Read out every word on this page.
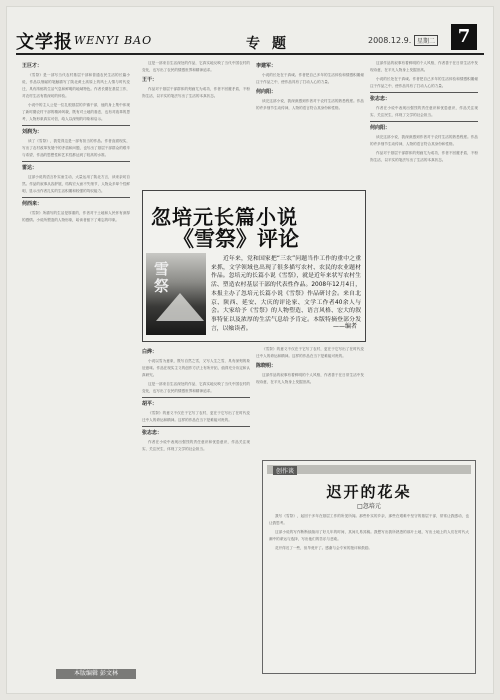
文学报 WENYI BAO	专题	2008.12.9. 星期二	7
王巨才：

《雪祭》是一部写当代农村基层干部和普通农民生活的长篇小说，作品以细腻的笔触描写了陕北黄土高原上的风土人情与时代变迁，具有浓郁的生活气息和鲜明的地域特色。作者长期在基层工作，对农村生活有着深切的体验。

小说中的主人公是一位扎根基层的乡镇干部，他的身上集中体现了新时期农村干部的精神风貌，既有对土地的眷恋，也有对改革的思考，人物形象真实可信，给人以深刻的印象和启示。

刘润为：

读了《雪祭》，我觉得这是一部有担当的作品。作者直面现实，写出了农村改革发展中的矛盾和问题，也写出了基层干部群众的艰辛与希望，作品的思想性和艺术性都达到了较高的水准。

雷达：

这部小说的语言朴实而生动，大量运用了陕北方言，读来亲切自然。作品的叙事从容舒展，结构宏大而不失细节，人物众多却个性鲜明，显示出作者扎实的生活积累和较强的驾驭能力。

何西来：

《雪祭》所描写的生活是厚重的，作者对于土地和人民怀有深厚的感情。小说所塑造的人物形象，给读者留下了难忘的印象。

这是一部来自生活深处的作品，它真实地反映了当代中国农村的变化，也写出了农民的情感世界和精神追求。

王干：

作品对于基层干部群体的刻画尤为成功，作者不回避矛盾，不粉饰生活，以平实的笔法写出了生活的本真状态。

李建军：

小说的长处在于真诚。作者把自己多年的生活体验和情感积累倾注于作品之中，使作品具有了打动人心的力量。

何向阳：

读完这部小说，我深深感到作者对于农村生活的熟悉程度。作品的许多细节生动传神，人物的语言符合其身份和性格。

忽培元长篇小说
《雪祭》评论
雪祭
近年来，党和国家把“三农”问题当作工作的重中之重来抓，文学领域也出现了很多描写农村、农民的农业题材作品。忽培元的长篇小说《雪祭》，就是近年来状写农村生活、塑造农村基层干部的代表性作品。2008年12月4日，本报主办了忽培元长篇小说《雪祭》作品研讨会。来自北京、陕西、延安、大庆的评论家、文学工作者40余人与会。大家给予《雪祭》的人物塑造、语言风格、宏大的叙事特征以及浓厚的生活气息给予肯定。本版特摘登部分发言，以飨读者。	——编者
白烨：

小说以雪为意象，既写自然之雪，又写人生之雪，具有深刻的象征意味。作品在现实主义的创作方法上有所开拓，值得充分肯定和认真研究。

这是一部来自生活深处的作品，它真实地反映了当代中国农村的变化，也写出了农民的情感世界和精神追求。

胡平：

《雪祭》的意义不仅在于它写了农村，更在于它写出了在时代变迁中人的命运和精神。这样的作品在当下是难能可贵的。

张志忠：

作者在小说中表现出强烈的责任意识和忧患意识，作品关注现实、关注民生，体现了文学的社会担当。

《雪祭》的意义不仅在于它写了农村，更在于它写出了在时代变迁中人的命运和精神。这样的作品在当下是难能可贵的。

陈晓明：

这部作品的叙事有着鲜明的个人风格，作者善于在日常生活中发现诗意，在平凡人物身上发掘崇高。

这部作品的叙事有着鲜明的个人风格，作者善于在日常生活中发现诗意，在平凡人物身上发掘崇高。

小说的长处在于真诚。作者把自己多年的生活体验和情感积累倾注于作品之中，使作品具有了打动人心的力量。

张志忠：

作者在小说中表现出强烈的责任意识和忧患意识，作品关注现实、关注民生，体现了文学的社会担当。

何向阳：

读完这部小说，我深深感到作者对于农村生活的熟悉程度。作品的许多细节生动传神，人物的语言符合其身份和性格。

作品对于基层干部群体的刻画尤为成功，作者不回避矛盾，不粉饰生活，以平实的笔法写出了生活的本真状态。

创作谈
迟开的花朵
□忽培元

我写《雪祭》，起因于多年在基层工作的所见所闻。那些朴实的乡亲，那些在艰难中坚守的基层干部，常常让我感动，也让我思考。

这部小说的写作断断续续用了好几年的时间，其间几易其稿。我想写出我所熟悉的那片土地，写出土地上的人们在时代大潮中的命运与选择，写出他们的苦乐与悲欢。

花开得迟了一些，但毕竟开了。感谢与会专家的批评和鼓励。

本版编辑 彭文林
